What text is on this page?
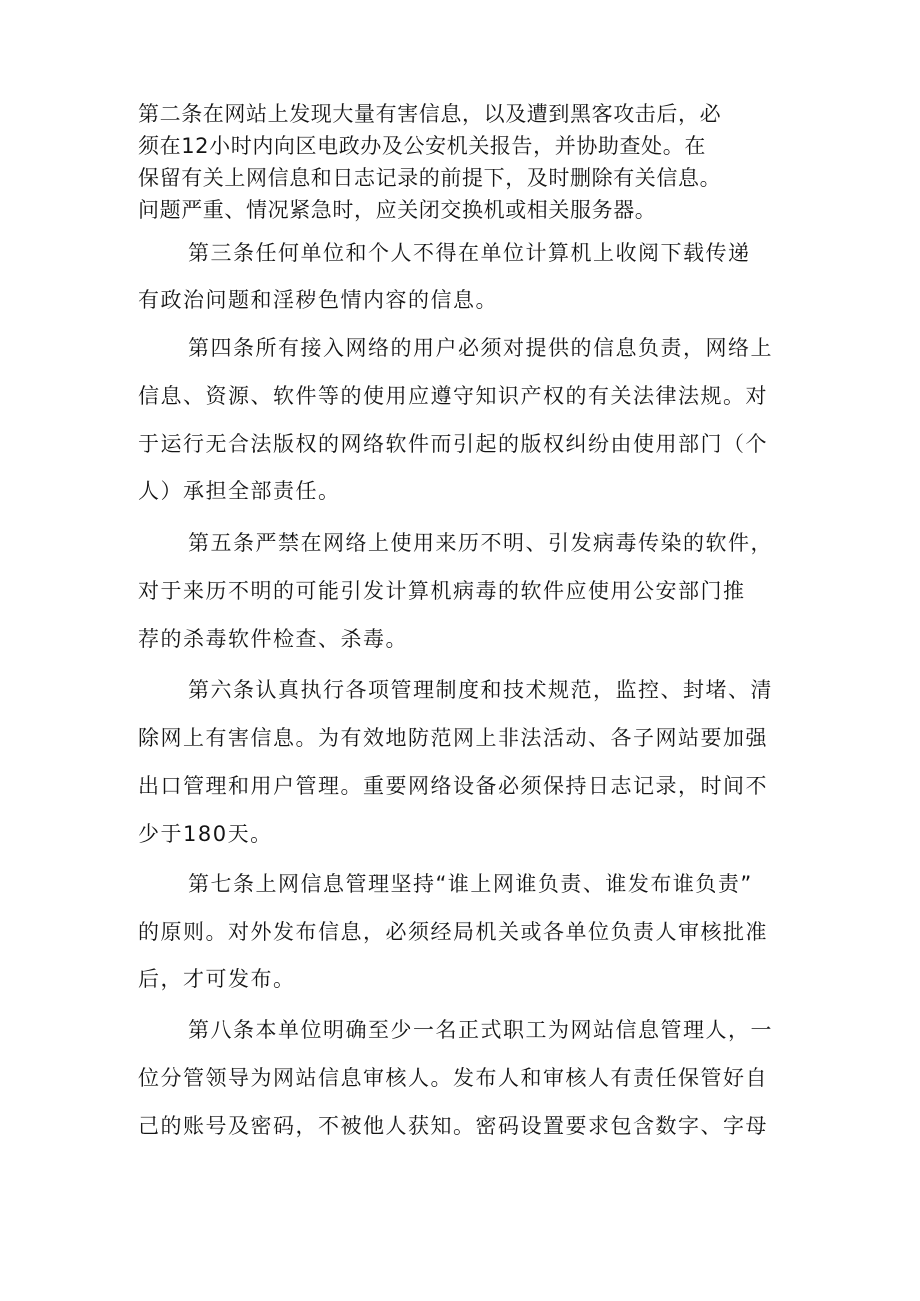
第二条在网站上发现大量有害信息，以及遭到黑客攻击后，必
须在12小时内向区电政办及公安机关报告，并协助查处。在
保留有关上网信息和日志记录的前提下，及时删除有关信息。
问题严重、情况紧急时，应关闭交换机或相关服务器。
第三条任何单位和个人不得在单位计算机上收阅下载传递
有政治问题和淫秽色情内容的信息。
第四条所有接入网络的用户必须对提供的信息负责，网络上
信息、资源、软件等的使用应遵守知识产权的有关法律法规。对
于运行无合法版权的网络软件而引起的版权纠纷由使用部门（个
人）承担全部责任。
第五条严禁在网络上使用来历不明、引发病毒传染的软件，
对于来历不明的可能引发计算机病毒的软件应使用公安部门推
荐的杀毒软件检查、杀毒。
第六条认真执行各项管理制度和技术规范，监控、封堵、清
除网上有害信息。为有效地防范网上非法活动、各子网站要加强
出口管理和用户管理。重要网络设备必须保持日志记录，时间不
少于180天。
第七条上网信息管理坚持“谁上网谁负责、谁发布谁负责”
的原则。对外发布信息，必须经局机关或各单位负责人审核批准
后，才可发布。
第八条本单位明确至少一名正式职工为网站信息管理人，一
位分管领导为网站信息审核人。发布人和审核人有责任保管好自
己的账号及密码，不被他人获知。密码设置要求包含数字、字母
